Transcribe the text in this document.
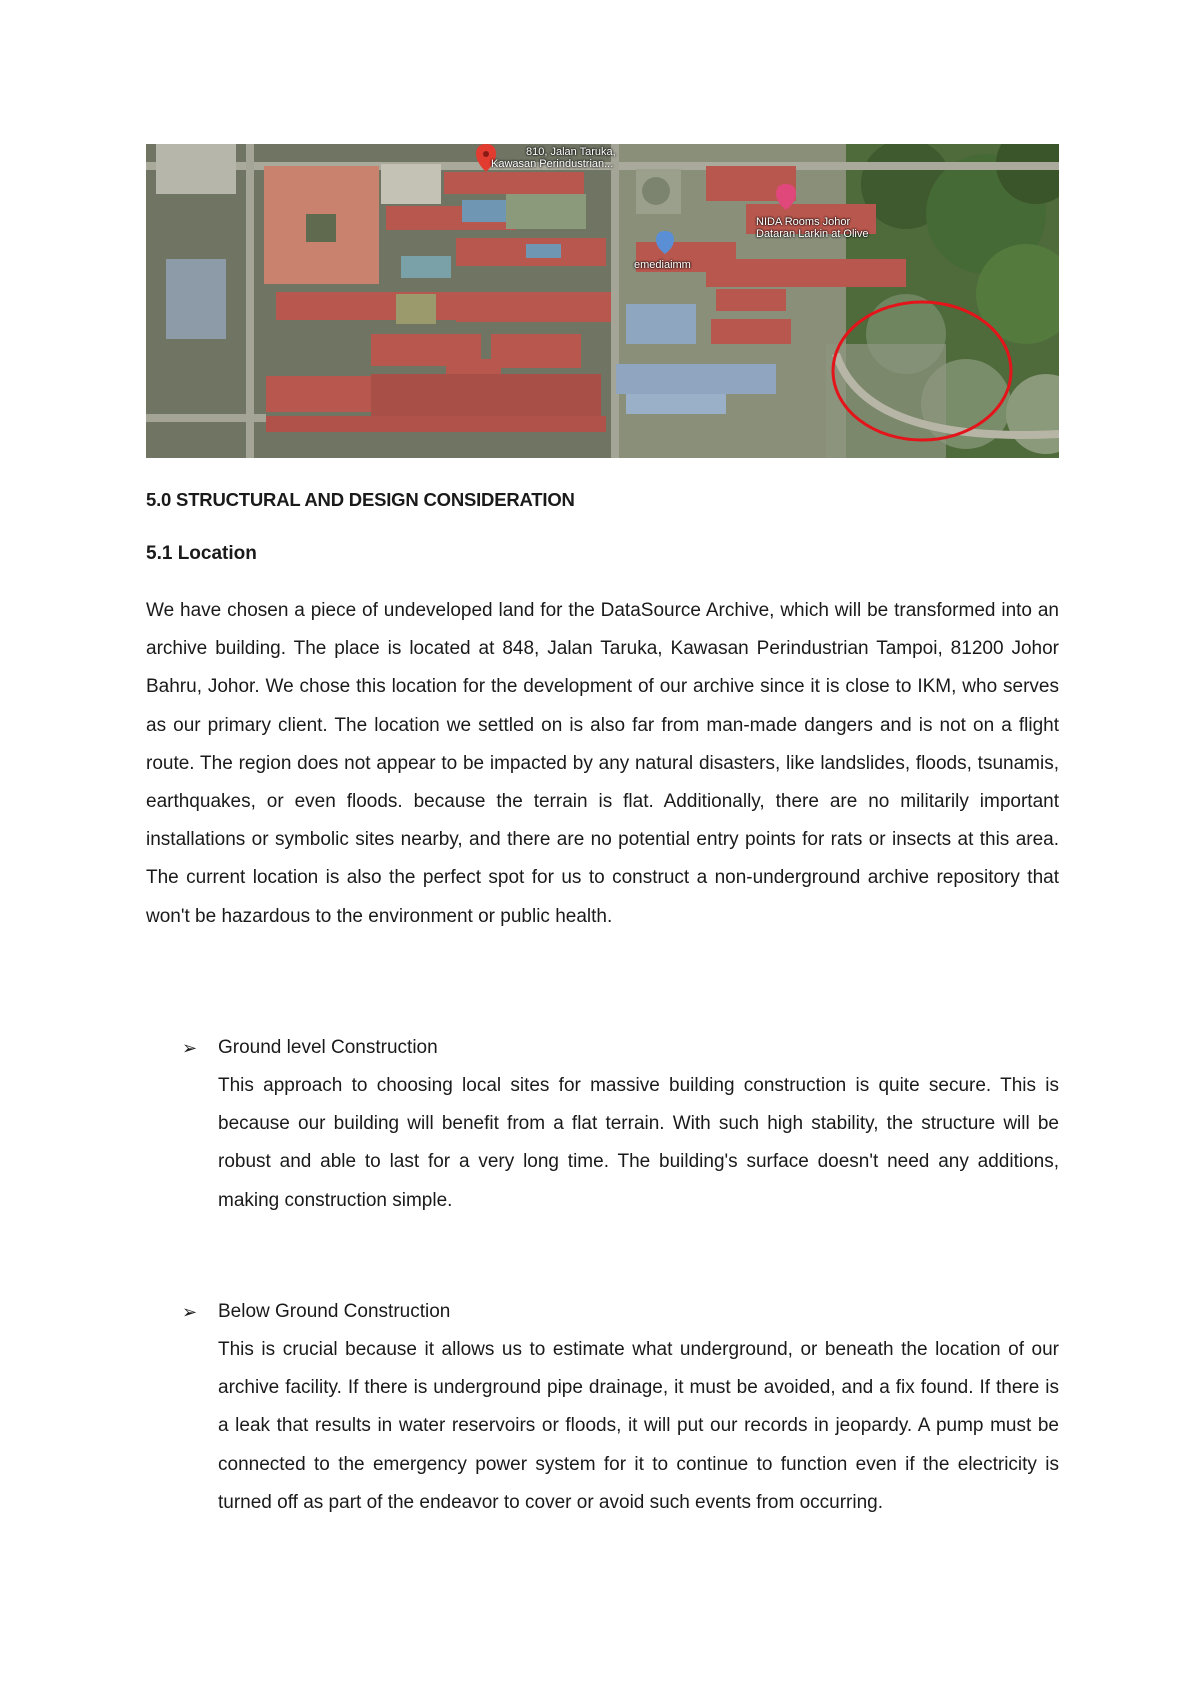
810, Jalan Taruka,
Kawasan Perindustrian...
NIDA Rooms Johor
Dataran Larkin at Olive
emediaimm
5.0 STRUCTURAL AND DESIGN CONSIDERATION
5.1 Location

We have chosen a piece of undeveloped land for the DataSource Archive, which will be transformed into an archive building. The place is located at 848, Jalan Taruka, Kawasan Perindustrian Tampoi, 81200 Johor Bahru, Johor. We chose this location for the development of our archive since it is close to IKM, who serves as our primary client. The location we settled on is also far from man-made dangers and is not on a flight route. The region does not appear to be impacted by any natural disasters, like landslides, floods, tsunamis, earthquakes, or even floods. because the terrain is flat. Additionally, there are no militarily important installations or symbolic sites nearby, and there are no potential entry points for rats or insects at this area. The current location is also the perfect spot for us to construct a non-underground archive repository that won't be hazardous to the environment or public health.

➢ Ground level Construction

This approach to choosing local sites for massive building construction is quite secure. This is because our building will benefit from a flat terrain. With such high stability, the structure will be robust and able to last for a very long time. The building's surface doesn't need any additions, making construction simple.

➢ Below Ground Construction

This is crucial because it allows us to estimate what underground, or beneath the location of our archive facility. If there is underground pipe drainage, it must be avoided, and a fix found. If there is a leak that results in water reservoirs or floods, it will put our records in jeopardy. A pump must be connected to the emergency power system for it to continue to function even if the electricity is turned off as part of the endeavor to cover or avoid such events from occurring.
